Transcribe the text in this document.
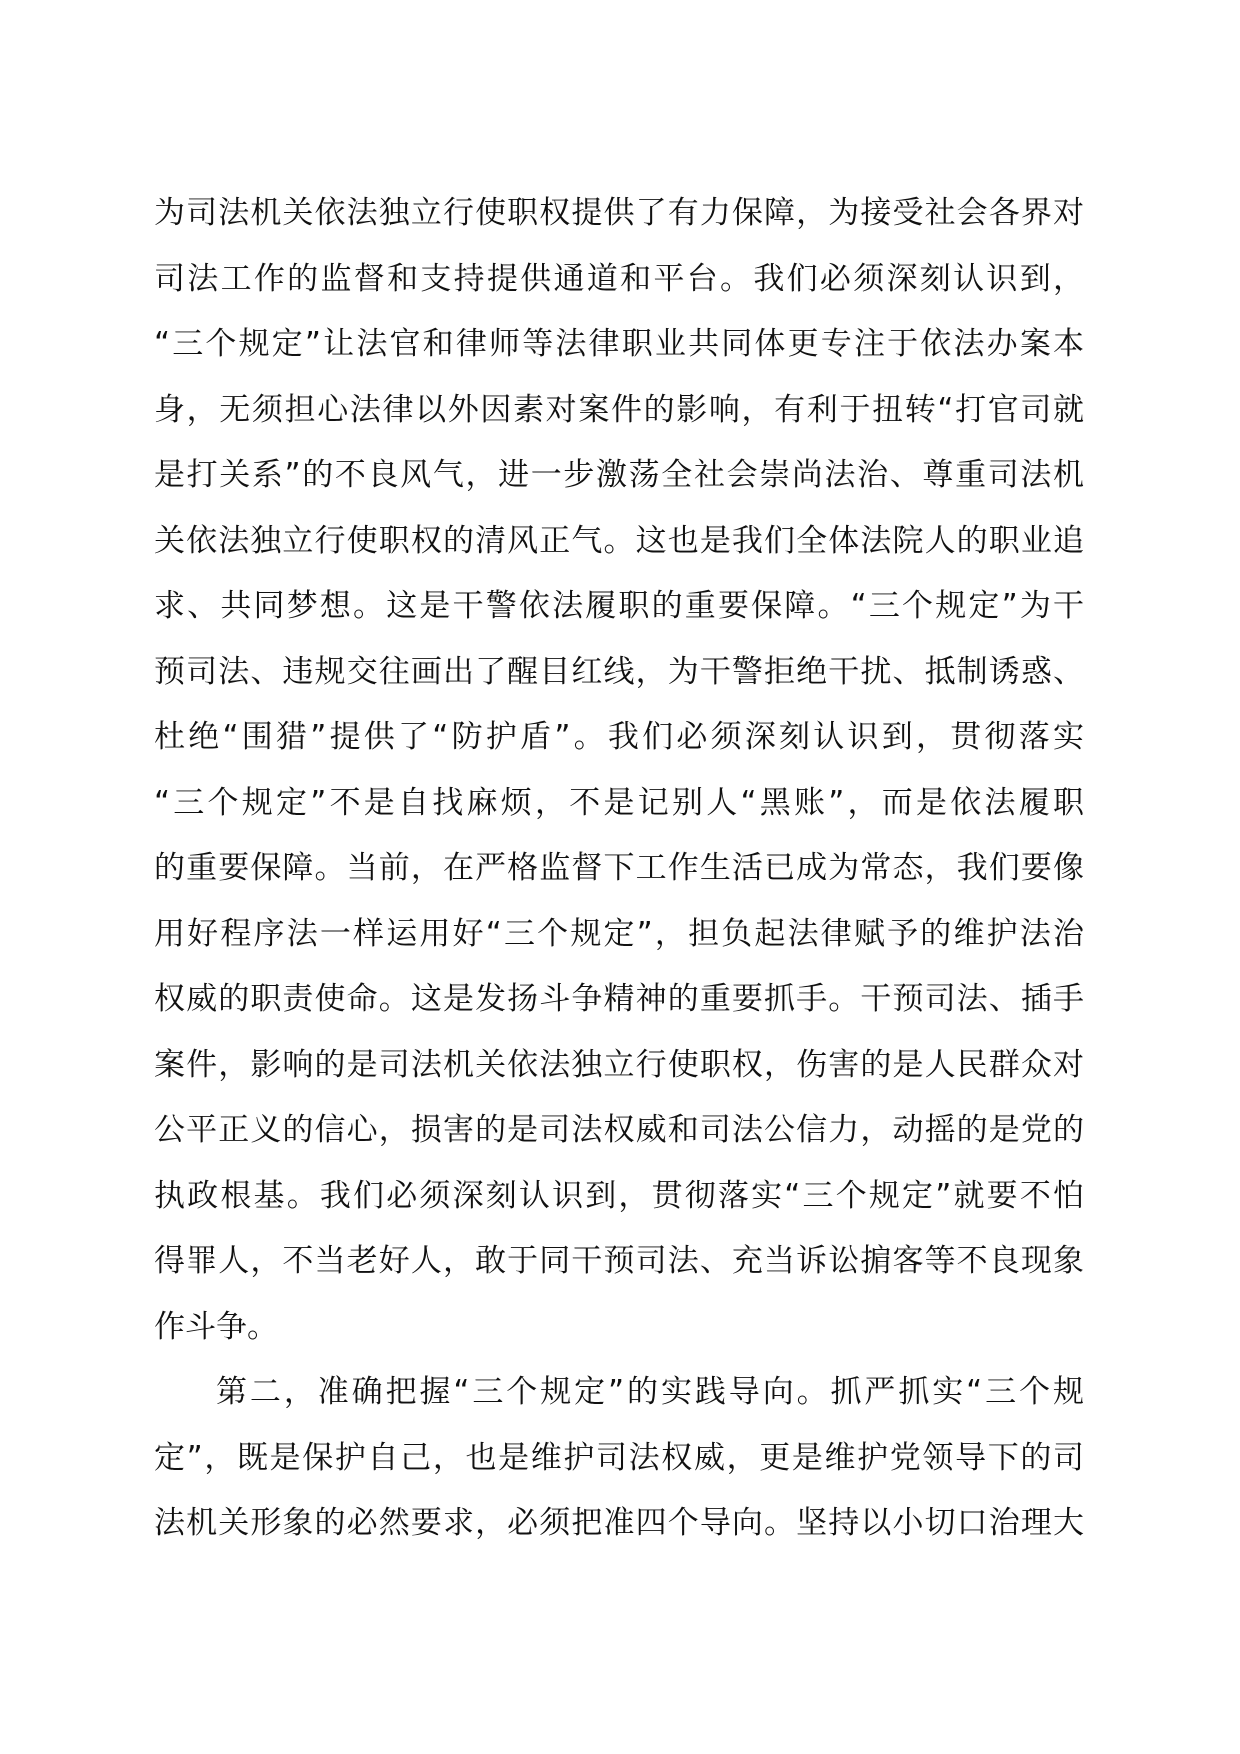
为司法机关依法独立行使职权提供了有力保障，为接受社会各界对
司法工作的监督和支持提供通道和平台。我们必须深刻认识到，
“三个规定”让法官和律师等法律职业共同体更专注于依法办案本
身，无须担心法律以外因素对案件的影响，有利于扭转“打官司就
是打关系”的不良风气，进一步激荡全社会崇尚法治、尊重司法机
关依法独立行使职权的清风正气。这也是我们全体法院人的职业追
求、共同梦想。这是干警依法履职的重要保障。“三个规定”为干
预司法、违规交往画出了醒目红线，为干警拒绝干扰、抵制诱惑、
杜绝“围猎”提供了“防护盾”。我们必须深刻认识到，贯彻落实
“三个规定”不是自找麻烦，不是记别人“黑账”，而是依法履职
的重要保障。当前，在严格监督下工作生活已成为常态，我们要像
用好程序法一样运用好“三个规定”，担负起法律赋予的维护法治
权威的职责使命。这是发扬斗争精神的重要抓手。干预司法、插手
案件，影响的是司法机关依法独立行使职权，伤害的是人民群众对
公平正义的信心，损害的是司法权威和司法公信力，动摇的是党的
执政根基。我们必须深刻认识到，贯彻落实“三个规定”就要不怕
得罪人，不当老好人，敢于同干预司法、充当诉讼掮客等不良现象
作斗争。
第二，准确把握“三个规定”的实践导向。抓严抓实“三个规
定”，既是保护自己，也是维护司法权威，更是维护党领导下的司
法机关形象的必然要求，必须把准四个导向。坚持以小切口治理大
